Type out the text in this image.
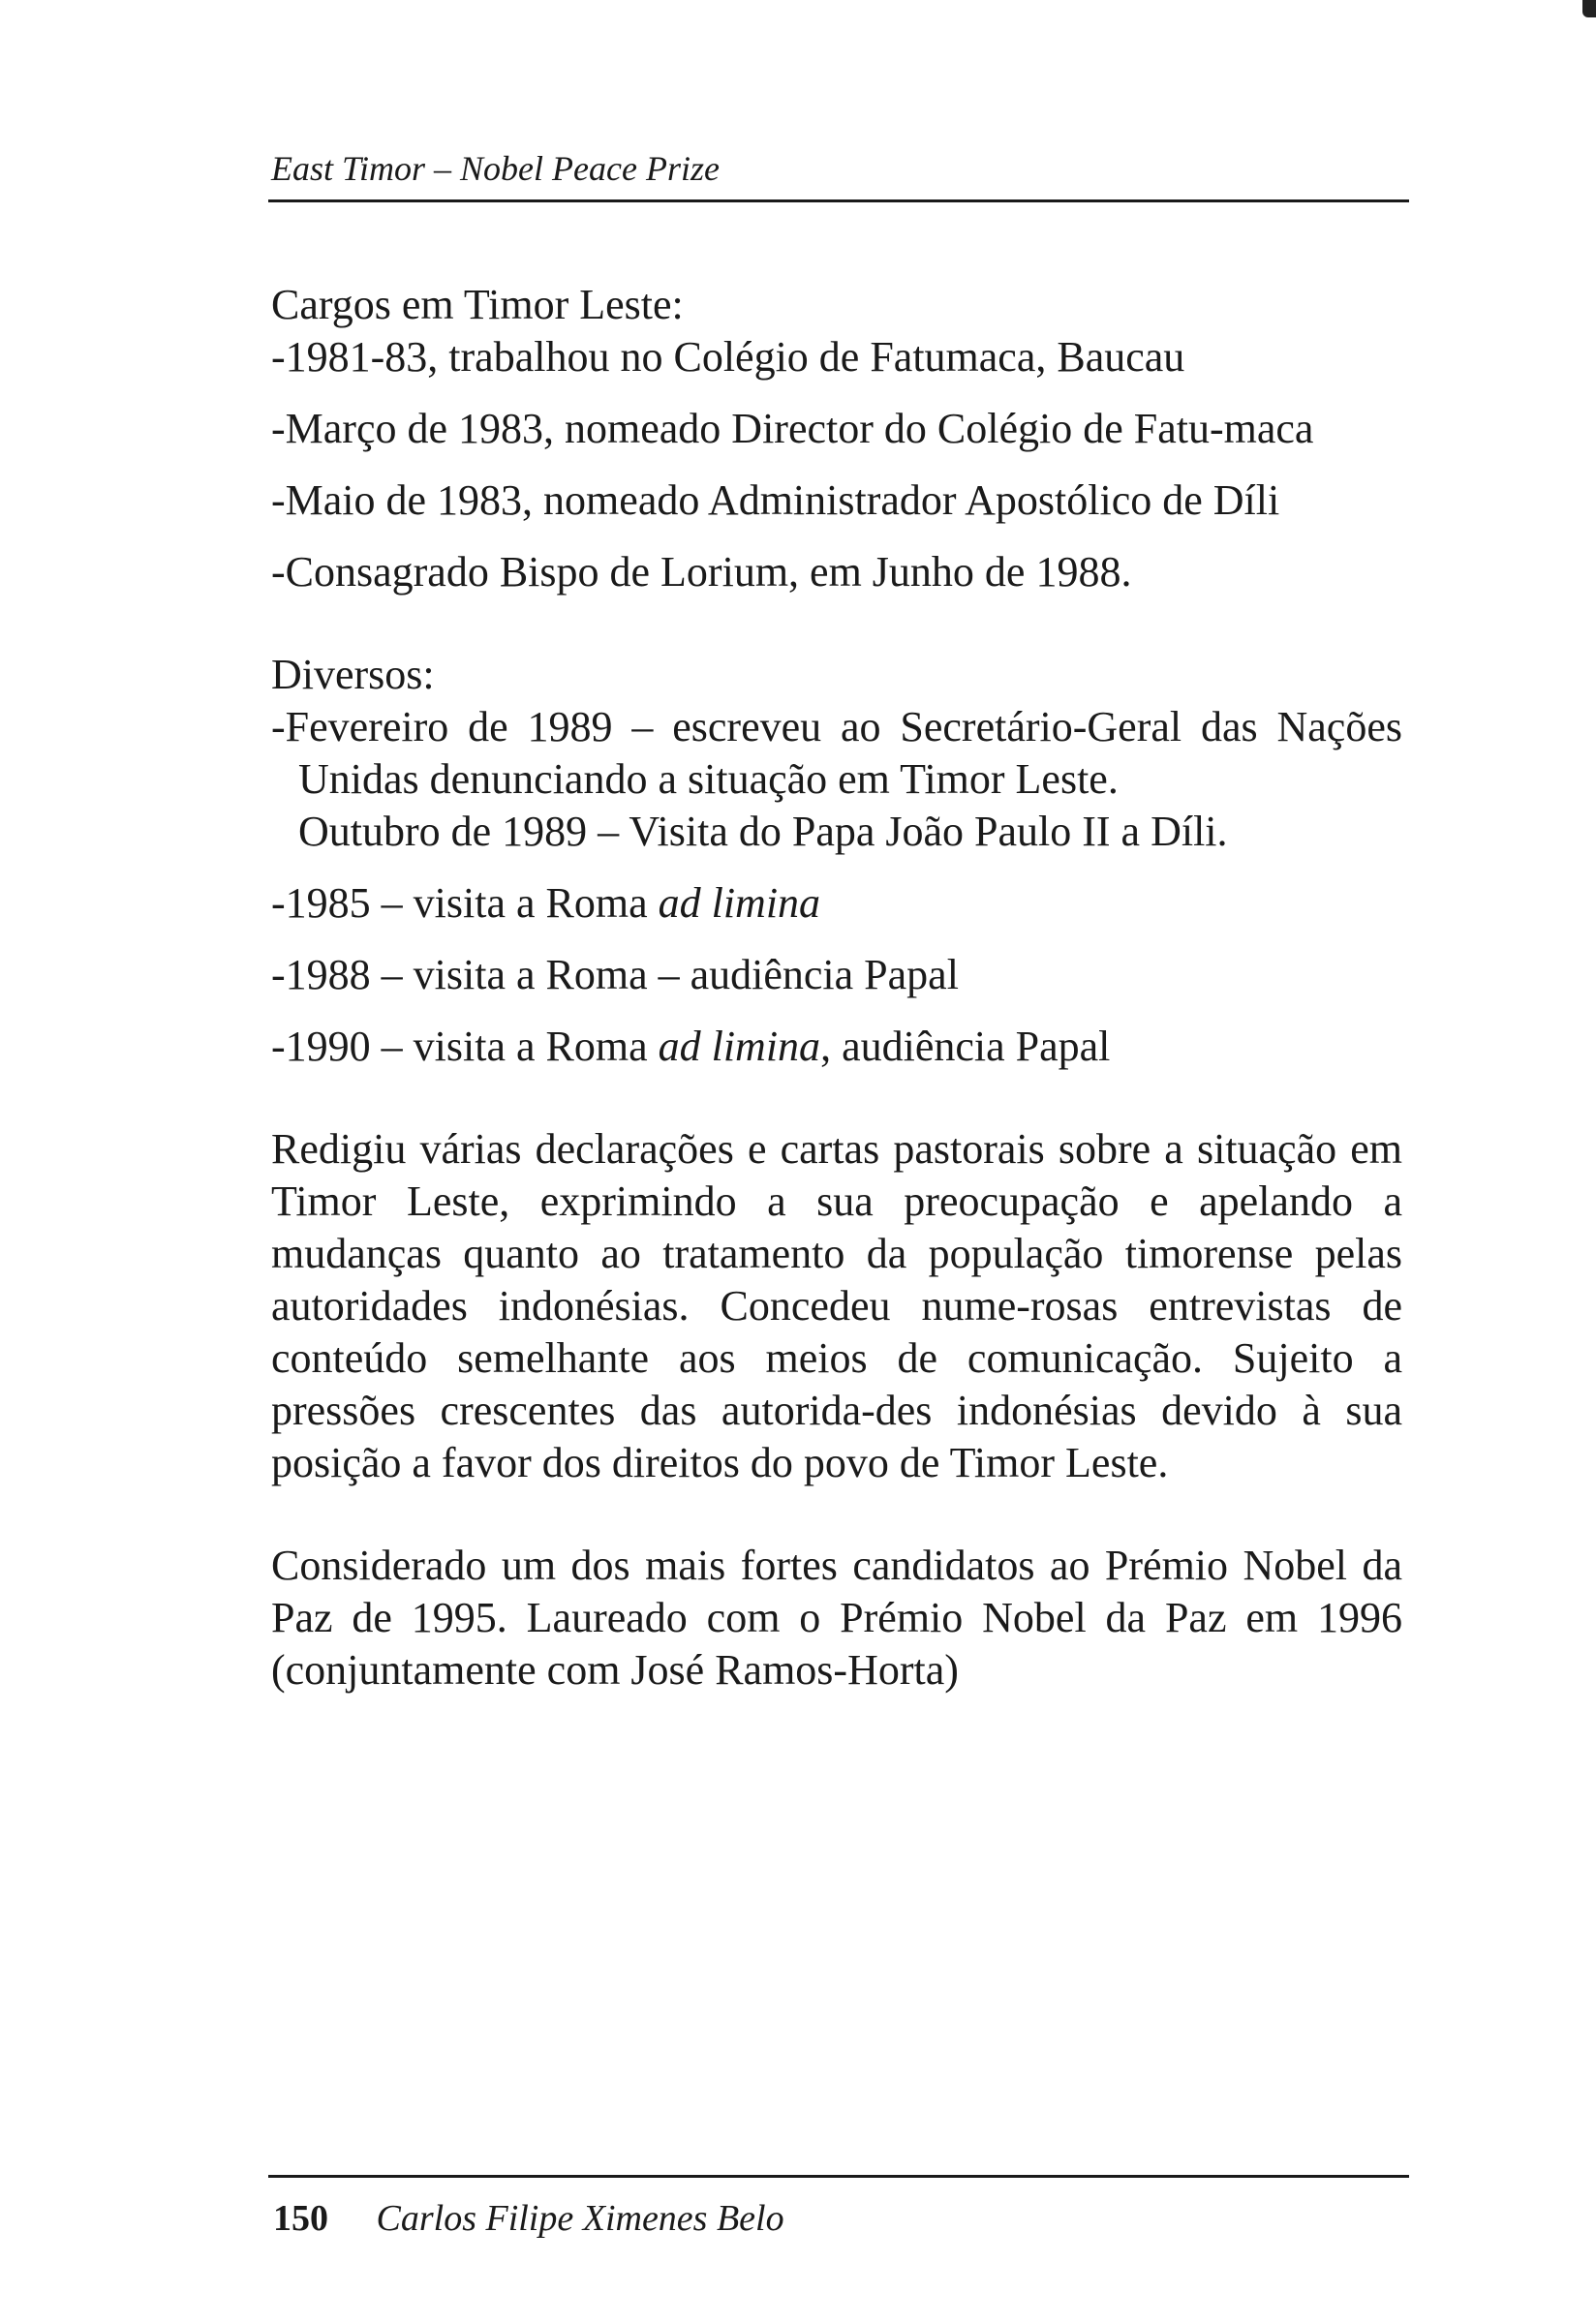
East Timor – Nobel Peace Prize
Cargos em Timor Leste:
-1981-83, trabalhou no Colégio de Fatumaca, Baucau
-Março de 1983, nomeado Director do Colégio de Fatu-maca
-Maio de 1983, nomeado Administrador Apostólico de Díli
-Consagrado Bispo de Lorium, em Junho de 1988.
Diversos:
-Fevereiro de 1989 – escreveu ao Secretário-Geral das Nações Unidas denunciando a situação em Timor Leste.
Outubro de 1989 – Visita do Papa João Paulo II a Díli.
-1985 – visita a Roma ad limina
-1988 – visita a Roma – audiência Papal
-1990 – visita a Roma ad limina, audiência Papal

Redigiu várias declarações e cartas pastorais sobre a situação em Timor Leste, exprimindo a sua preocupação e apelando a mudanças quanto ao tratamento da população timorense pelas autoridades indonésias. Concedeu nume-rosas entrevistas de conteúdo semelhante aos meios de comunicação. Sujeito a pressões crescentes das autorida-des indonésias devido à sua posição a favor dos direitos do povo de Timor Leste.

Considerado um dos mais fortes candidatos ao Prémio Nobel da Paz de 1995. Laureado com o Prémio Nobel da Paz em 1996 (conjuntamente com José Ramos-Horta)

150 Carlos Filipe Ximenes Belo
